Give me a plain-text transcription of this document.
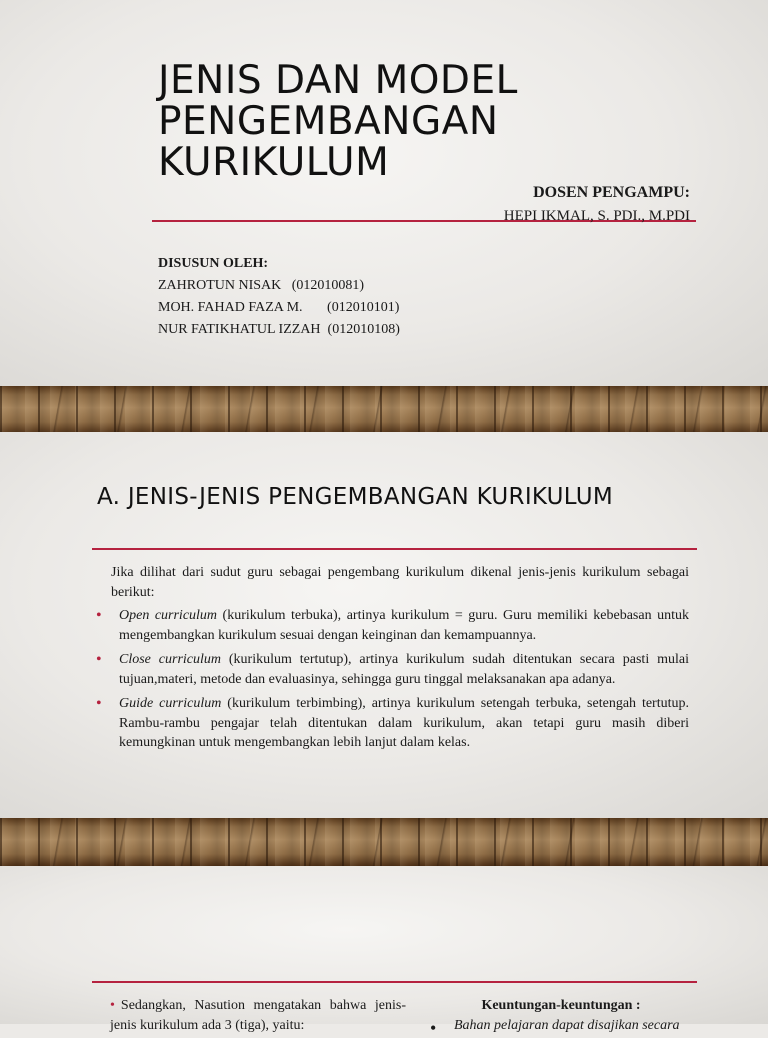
JENIS DAN MODEL PENGEMBANGAN KURIKULUM
DOSEN PENGAMPU:
HEPI IKMAL, S. PDI., M.PDI
DISUSUN OLEH:
ZAHROTUN NISAK   (012010081)
MOH. FAHAD FAZA M.       (012010101)
NUR FATIKHATUL IZZAH  (012010108)
A. JENIS-JENIS PENGEMBANGAN KURIKULUM
Jika dilihat dari sudut guru sebagai pengembang kurikulum dikenal jenis-jenis kurikulum sebagai berikut:
• Open curriculum (kurikulum terbuka), artinya kurikulum = guru. Guru memiliki kebebasan untuk mengembangkan kurikulum sesuai dengan keinginan dan kemampuannya.
• Close curriculum (kurikulum tertutup), artinya kurikulum sudah ditentukan secara pasti mulai tujuan,materi, metode dan evaluasinya, sehingga guru tinggal melaksanakan apa adanya.
• Guide curriculum (kurikulum terbimbing), artinya kurikulum setengah terbuka, setengah tertutup. Rambu-rambu pengajar telah ditentukan dalam kurikulum, akan tetapi guru masih diberi kemungkinan untuk mengembangkan lebih lanjut dalam kelas.
• Sedangkan, Nasution mengatakan bahwa jenis-jenis kurikulum ada 3 (tiga), yaitu:
Keuntungan-keuntungan :
• Bahan pelajaran dapat disajikan secara
